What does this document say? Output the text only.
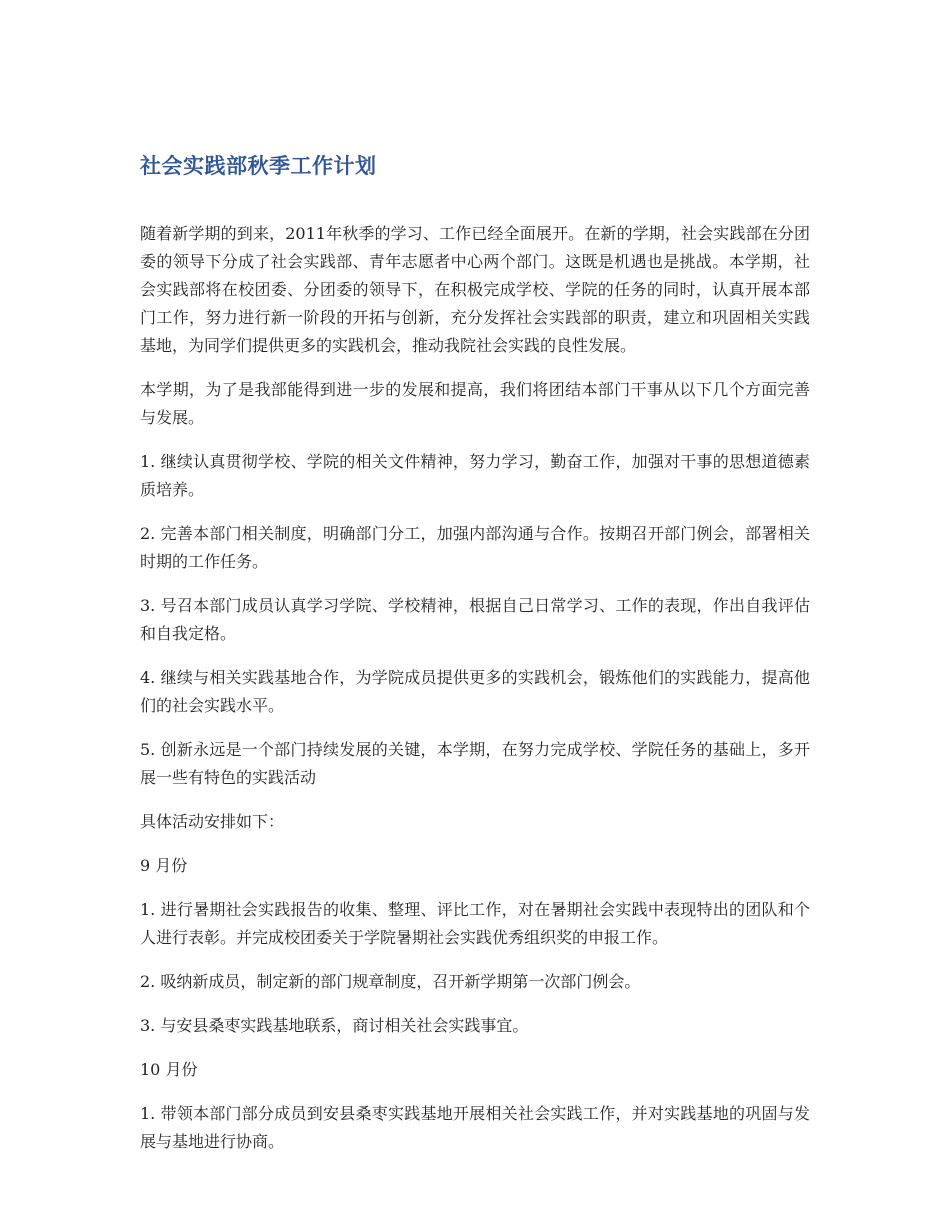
社会实践部秋季工作计划

随着新学期的到来，2011年秋季的学习、工作已经全面展开。在新的学期，社会实践部在分团委的领导下分成了社会实践部、青年志愿者中心两个部门。这既是机遇也是挑战。本学期，社会实践部将在校团委、分团委的领导下，在积极完成学校、学院的任务的同时，认真开展本部门工作，努力进行新一阶段的开拓与创新，充分发挥社会实践部的职责，建立和巩固相关实践基地，为同学们提供更多的实践机会，推动我院社会实践的良性发展。

本学期，为了是我部能得到进一步的发展和提高，我们将团结本部门干事从以下几个方面完善与发展。

1. 继续认真贯彻学校、学院的相关文件精神，努力学习，勤奋工作，加强对干事的思想道德素质培养。

2. 完善本部门相关制度，明确部门分工，加强内部沟通与合作。按期召开部门例会，部署相关时期的工作任务。

3. 号召本部门成员认真学习学院、学校精神，根据自己日常学习、工作的表现，作出自我评估和自我定格。

4. 继续与相关实践基地合作，为学院成员提供更多的实践机会，锻炼他们的实践能力，提高他们的社会实践水平。

5. 创新永远是一个部门持续发展的关键，本学期，在努力完成学校、学院任务的基础上，多开展一些有特色的实践活动

具体活动安排如下：

9 月份

1. 进行暑期社会实践报告的收集、整理、评比工作，对在暑期社会实践中表现特出的团队和个人进行表彰。并完成校团委关于学院暑期社会实践优秀组织奖的申报工作。

2. 吸纳新成员，制定新的部门规章制度，召开新学期第一次部门例会。

3. 与安县桑枣实践基地联系，商讨相关社会实践事宜。

10 月份

1. 带领本部门部分成员到安县桑枣实践基地开展相关社会实践工作，并对实践基地的巩固与发展与基地进行协商。
